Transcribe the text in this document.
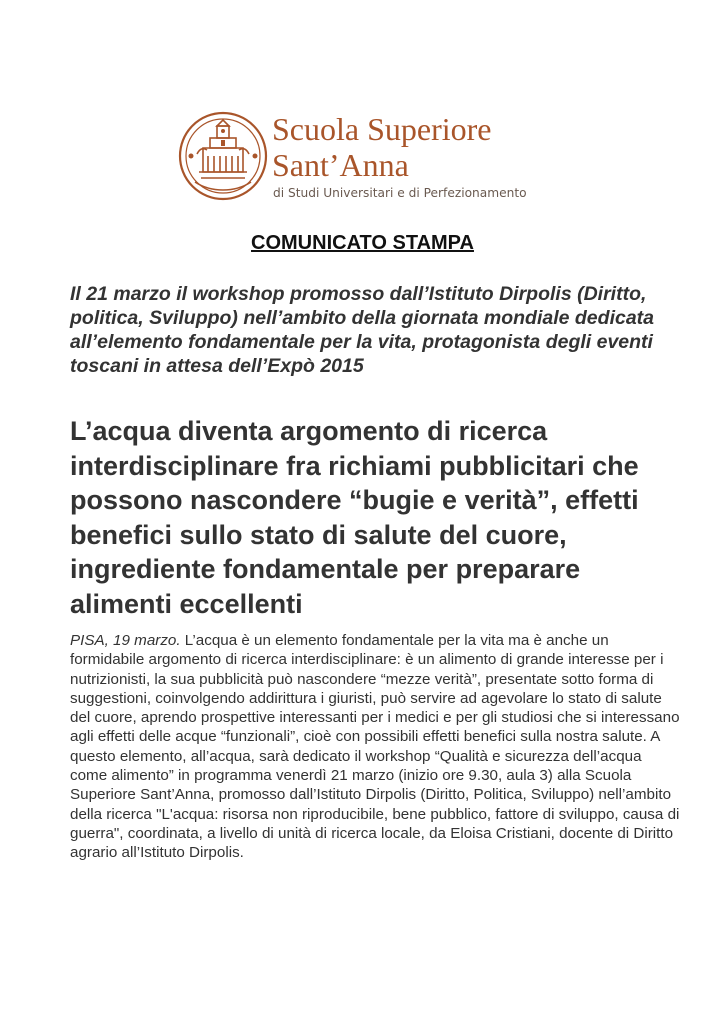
Scuola Superiore
Sant’Anna
di Studi Universitari e di Perfezionamento
COMUNICATO STAMPA
Il 21 marzo il workshop promosso dall’Istituto Dirpolis (Diritto, politica, Sviluppo) nell’ambito della giornata mondiale dedicata all’elemento fondamentale per la vita, protagonista degli eventi toscani in attesa dell’Expò 2015
L’acqua diventa argomento di ricerca interdisciplinare fra richiami pubblicitari che possono nascondere “bugie e verità”, effetti benefici sullo stato di salute del cuore, ingrediente fondamentale per preparare alimenti eccellenti
PISA, 19 marzo. L’acqua è un elemento fondamentale per la vita ma è anche un formidabile argomento di ricerca interdisciplinare: è un alimento di grande interesse per i nutrizionisti, la sua pubblicità può nascondere “mezze verità”, presentate sotto forma di suggestioni, coinvolgendo addirittura i giuristi, può servire ad agevolare lo stato di salute del cuore, aprendo prospettive interessanti per i medici e per gli studiosi che si interessano agli effetti delle acque “funzionali”, cioè con possibili effetti benefici sulla nostra salute. A questo elemento, all’acqua, sarà dedicato il workshop “Qualità e sicurezza dell’acqua come alimento” in programma venerdì 21 marzo (inizio ore 9.30, aula 3) alla Scuola Superiore Sant’Anna, promosso dall’Istituto Dirpolis (Diritto, Politica, Sviluppo) nell’ambito della ricerca "L'acqua: risorsa non riproducibile, bene pubblico, fattore di sviluppo, causa di guerra", coordinata, a livello di unità di ricerca locale, da Eloisa Cristiani, docente di Diritto agrario all’Istituto Dirpolis.
